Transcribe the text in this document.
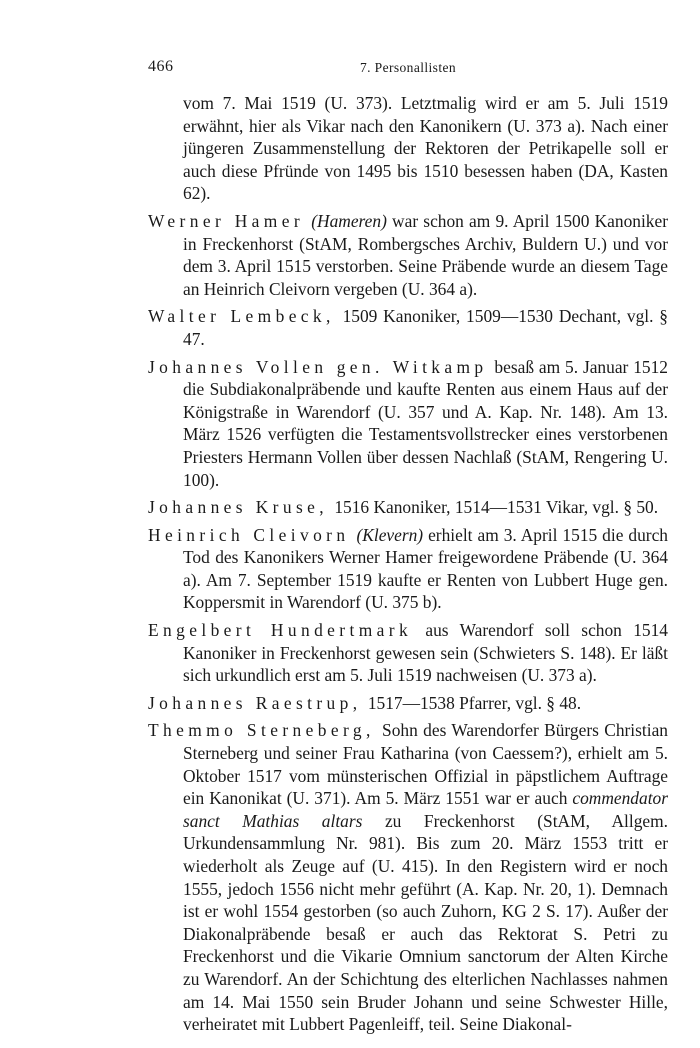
466	7. Personallisten

vom 7. Mai 1519 (U. 373). Letztmalig wird er am 5. Juli 1519 erwähnt, hier als Vikar nach den Kanonikern (U. 373 a). Nach einer jüngeren Zusammenstellung der Rektoren der Petrikapelle soll er auch diese Pfründe von 1495 bis 1510 besessen haben (DA, Kasten 62).

Werner Hamer (Hameren) war schon am 9. April 1500 Kanoniker in Freckenhorst (StAM, Rombergsches Archiv, Buldern U.) und vor dem 3. April 1515 verstorben. Seine Präbende wurde an diesem Tage an Heinrich Cleivorn vergeben (U. 364 a).

Walter Lembeck, 1509 Kanoniker, 1509—1530 Dechant, vgl. § 47.

Johannes Vollen gen. Witkamp besaß am 5. Januar 1512 die Subdiakonalpräbende und kaufte Renten aus einem Haus auf der Königstraße in Warendorf (U. 357 und A. Kap. Nr. 148). Am 13. März 1526 verfügten die Testamentsvollstrecker eines verstorbenen Priesters Hermann Vollen über dessen Nachlaß (StAM, Rengering U. 100).

Johannes Kruse, 1516 Kanoniker, 1514—1531 Vikar, vgl. § 50.

Heinrich Cleivorn (Klevern) erhielt am 3. April 1515 die durch Tod des Kanonikers Werner Hamer freigewordene Präbende (U. 364 a). Am 7. September 1519 kaufte er Renten von Lubbert Huge gen. Koppersmit in Warendorf (U. 375 b).

Engelbert Hundertmark aus Warendorf soll schon 1514 Kanoniker in Freckenhorst gewesen sein (Schwieters S. 148). Er läßt sich urkundlich erst am 5. Juli 1519 nachweisen (U. 373 a).

Johannes Raestrup, 1517—1538 Pfarrer, vgl. § 48.

Themmo Sterneberg, Sohn des Warendorfer Bürgers Christian Sterneberg und seiner Frau Katharina (von Caessem?), erhielt am 5. Oktober 1517 vom münsterischen Offizial in päpstlichem Auftrage ein Kanonikat (U. 371). Am 5. März 1551 war er auch commendator sanct Mathias altars zu Freckenhorst (StAM, Allgem. Urkundensammlung Nr. 981). Bis zum 20. März 1553 tritt er wiederholt als Zeuge auf (U. 415). In den Registern wird er noch 1555, jedoch 1556 nicht mehr geführt (A. Kap. Nr. 20, 1). Demnach ist er wohl 1554 gestorben (so auch Zuhorn, KG 2 S. 17). Außer der Diakonalpräbende besaß er auch das Rektorat S. Petri zu Freckenhorst und die Vikarie Omnium sanctorum der Alten Kirche zu Warendorf. An der Schichtung des elterlichen Nachlasses nahmen am 14. Mai 1550 sein Bruder Johann und seine Schwester Hille, verheiratet mit Lubbert Pagenleiff, teil. Seine Diakonal-
